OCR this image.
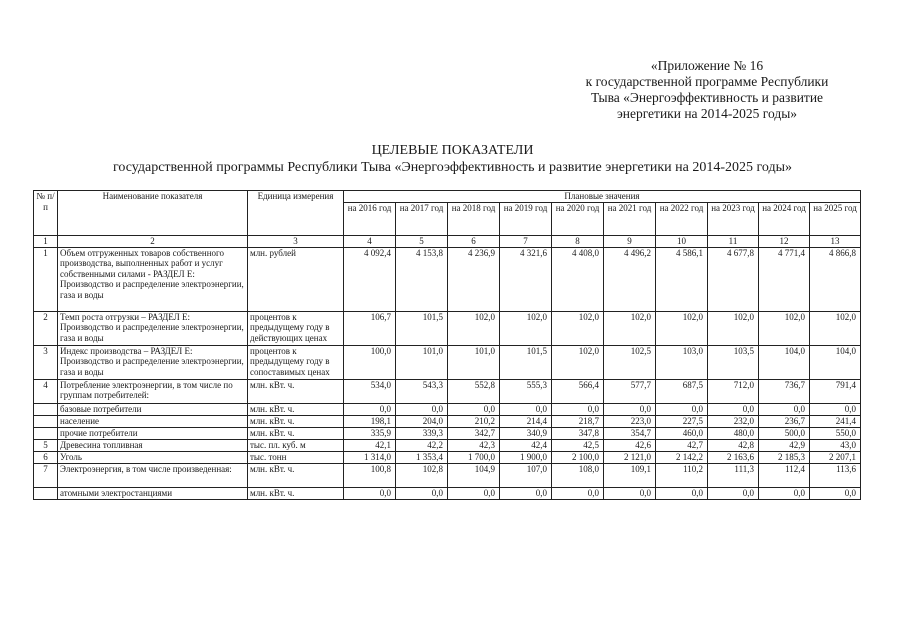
«Приложение № 16
к государственной программе Республики
Тыва «Энергоэффективность и развитие
энергетики на 2014-2025 годы»
ЦЕЛЕВЫЕ ПОКАЗАТЕЛИ
государственной программы Республики Тыва «Энергоэффективность и развитие энергетики на 2014-2025 годы»
№ п/п	Наименование показателя	Единица измерения	Плановые значения									
			на 2016 год	на 2017 год	на 2018 год	на 2019 год	на 2020 год	на 2021 год	на 2022 год	на 2023 год	на 2024 год	на 2025 год
1	2	3	4	5	6	7	8	9	10	11	12	13
1	Объем отгруженных товаров собственного производства, выполненных работ и услуг собственными силами - РАЗДЕЛ Е: Производство и распределение электроэнергии, газа и воды	млн. рублей	4 092,4	4 153,8	4 236,9	4 321,6	4 408,0	4 496,2	4 586,1	4 677,8	4 771,4	4 866,8
2	Темп роста отгрузки – РАЗДЕЛ Е: Производство и распределение электроэнергии, газа и воды	процентов к предыдущему году в действующих ценах	106,7	101,5	102,0	102,0	102,0	102,0	102,0	102,0	102,0	102,0
3	Индекс производства – РАЗДЕЛ Е: Производство и распределение электроэнергии, газа и воды	процентов к предыдущему году в сопоставимых ценах	100,0	101,0	101,0	101,5	102,0	102,5	103,0	103,5	104,0	104,0
4	Потребление электроэнергии, в том числе по группам потребителей:	млн. кВт. ч.	534,0	543,3	552,8	555,3	566,4	577,7	687,5	712,0	736,7	791,4
	базовые потребители	млн. кВт. ч.	0,0	0,0	0,0	0,0	0,0	0,0	0,0	0,0	0,0	0,0
	население	млн. кВт. ч.	198,1	204,0	210,2	214,4	218,7	223,0	227,5	232,0	236,7	241,4
	прочие потребители	млн. кВт. ч.	335,9	339,3	342,7	340,9	347,8	354,7	460,0	480,0	500,0	550,0
5	Древесина топливная	тыс. пл. куб. м	42,1	42,2	42,3	42,4	42,5	42,6	42,7	42,8	42,9	43,0
6	Уголь	тыс. тонн	1 314,0	1 353,4	1 700,0	1 900,0	2 100,0	2 121,0	2 142,2	2 163,6	2 185,3	2 207,1
7	Электроэнергия, в том числе произведенная:	млн. кВт. ч.	100,8	102,8	104,9	107,0	108,0	109,1	110,2	111,3	112,4	113,6
	атомными электростанциями	млн. кВт. ч.	0,0	0,0	0,0	0,0	0,0	0,0	0,0	0,0	0,0	0,0
